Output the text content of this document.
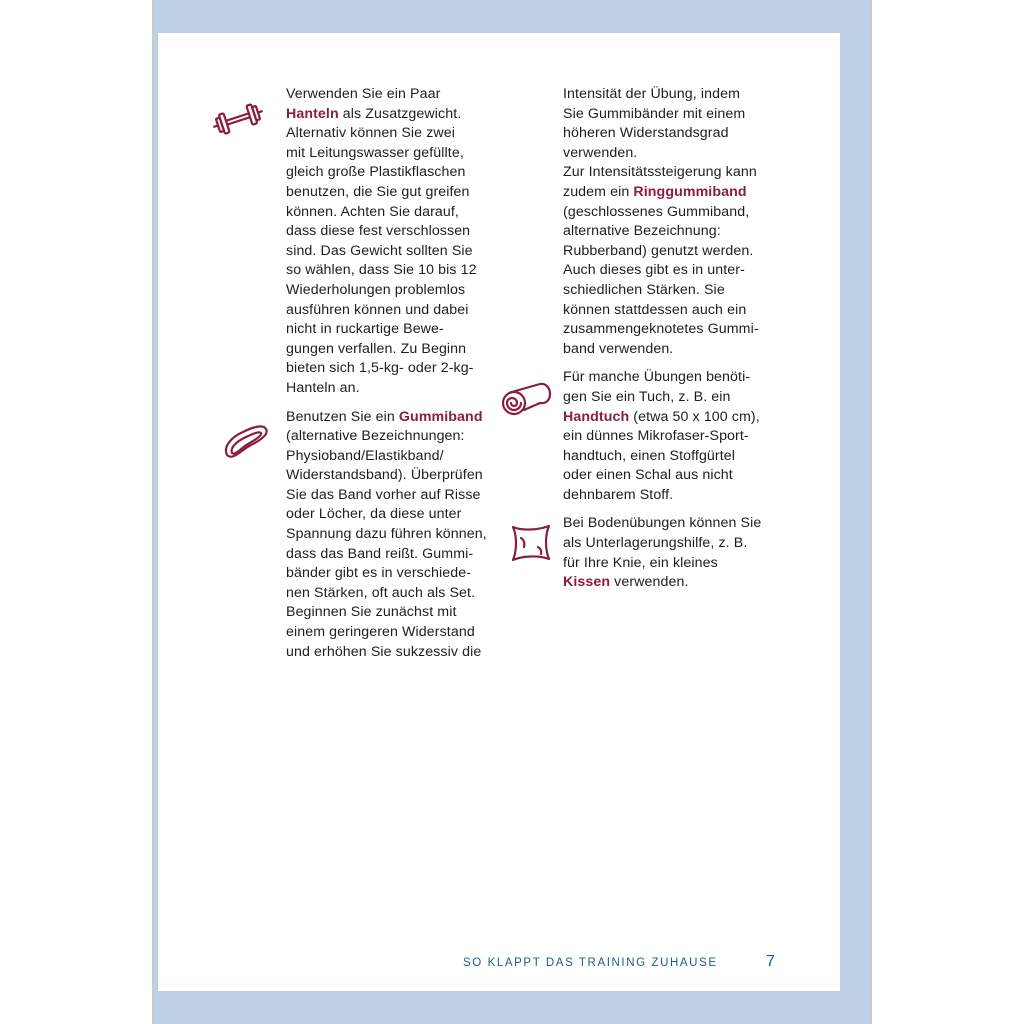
Verwenden Sie ein Paar
Hanteln als Zusatzgewicht.
Alternativ können Sie zwei
mit Leitungswasser gefüllte,
gleich große Plastikflaschen
benutzen, die Sie gut greifen
können. Achten Sie darauf,
dass diese fest verschlossen
sind. Das Gewicht sollten Sie
so wählen, dass Sie 10 bis 12
Wiederholungen problemlos
ausführen können und dabei
nicht in ruckartige Bewe-
gungen verfallen. Zu Beginn
bieten sich 1,5-kg- oder 2-kg-
Hanteln an.

Benutzen Sie ein Gummiband
(alternative Bezeichnungen:
Physioband/Elastikband/
Widerstandsband). Überprüfen
Sie das Band vorher auf Risse
oder Löcher, da diese unter
Spannung dazu führen können,
dass das Band reißt. Gummi-
bänder gibt es in verschiede-
nen Stärken, oft auch als Set.
Beginnen Sie zunächst mit
einem geringeren Widerstand
und erhöhen Sie sukzessiv die

Intensität der Übung, indem
Sie Gummibänder mit einem
höheren Widerstandsgrad
verwenden.
Zur Intensitätssteigerung kann
zudem ein Ringgummiband
(geschlossenes Gummiband,
alternative Bezeichnung:
Rubberband) genutzt werden.
Auch dieses gibt es in unter-
schiedlichen Stärken. Sie
können stattdessen auch ein
zusammengeknotetes Gummi-
band verwenden.

Für manche Übungen benöti-
gen Sie ein Tuch, z. B. ein
Handtuch (etwa 50 x 100 cm),
ein dünnes Mikrofaser-Sport-
handtuch, einen Stoffgürtel
oder einen Schal aus nicht
dehnbarem Stoff.

Bei Bodenübungen können Sie
als Unterlagerungshilfe, z. B.
für Ihre Knie, ein kleines
Kissen verwenden.

SO KLAPPT DAS TRAINING ZUHAUSE	7
